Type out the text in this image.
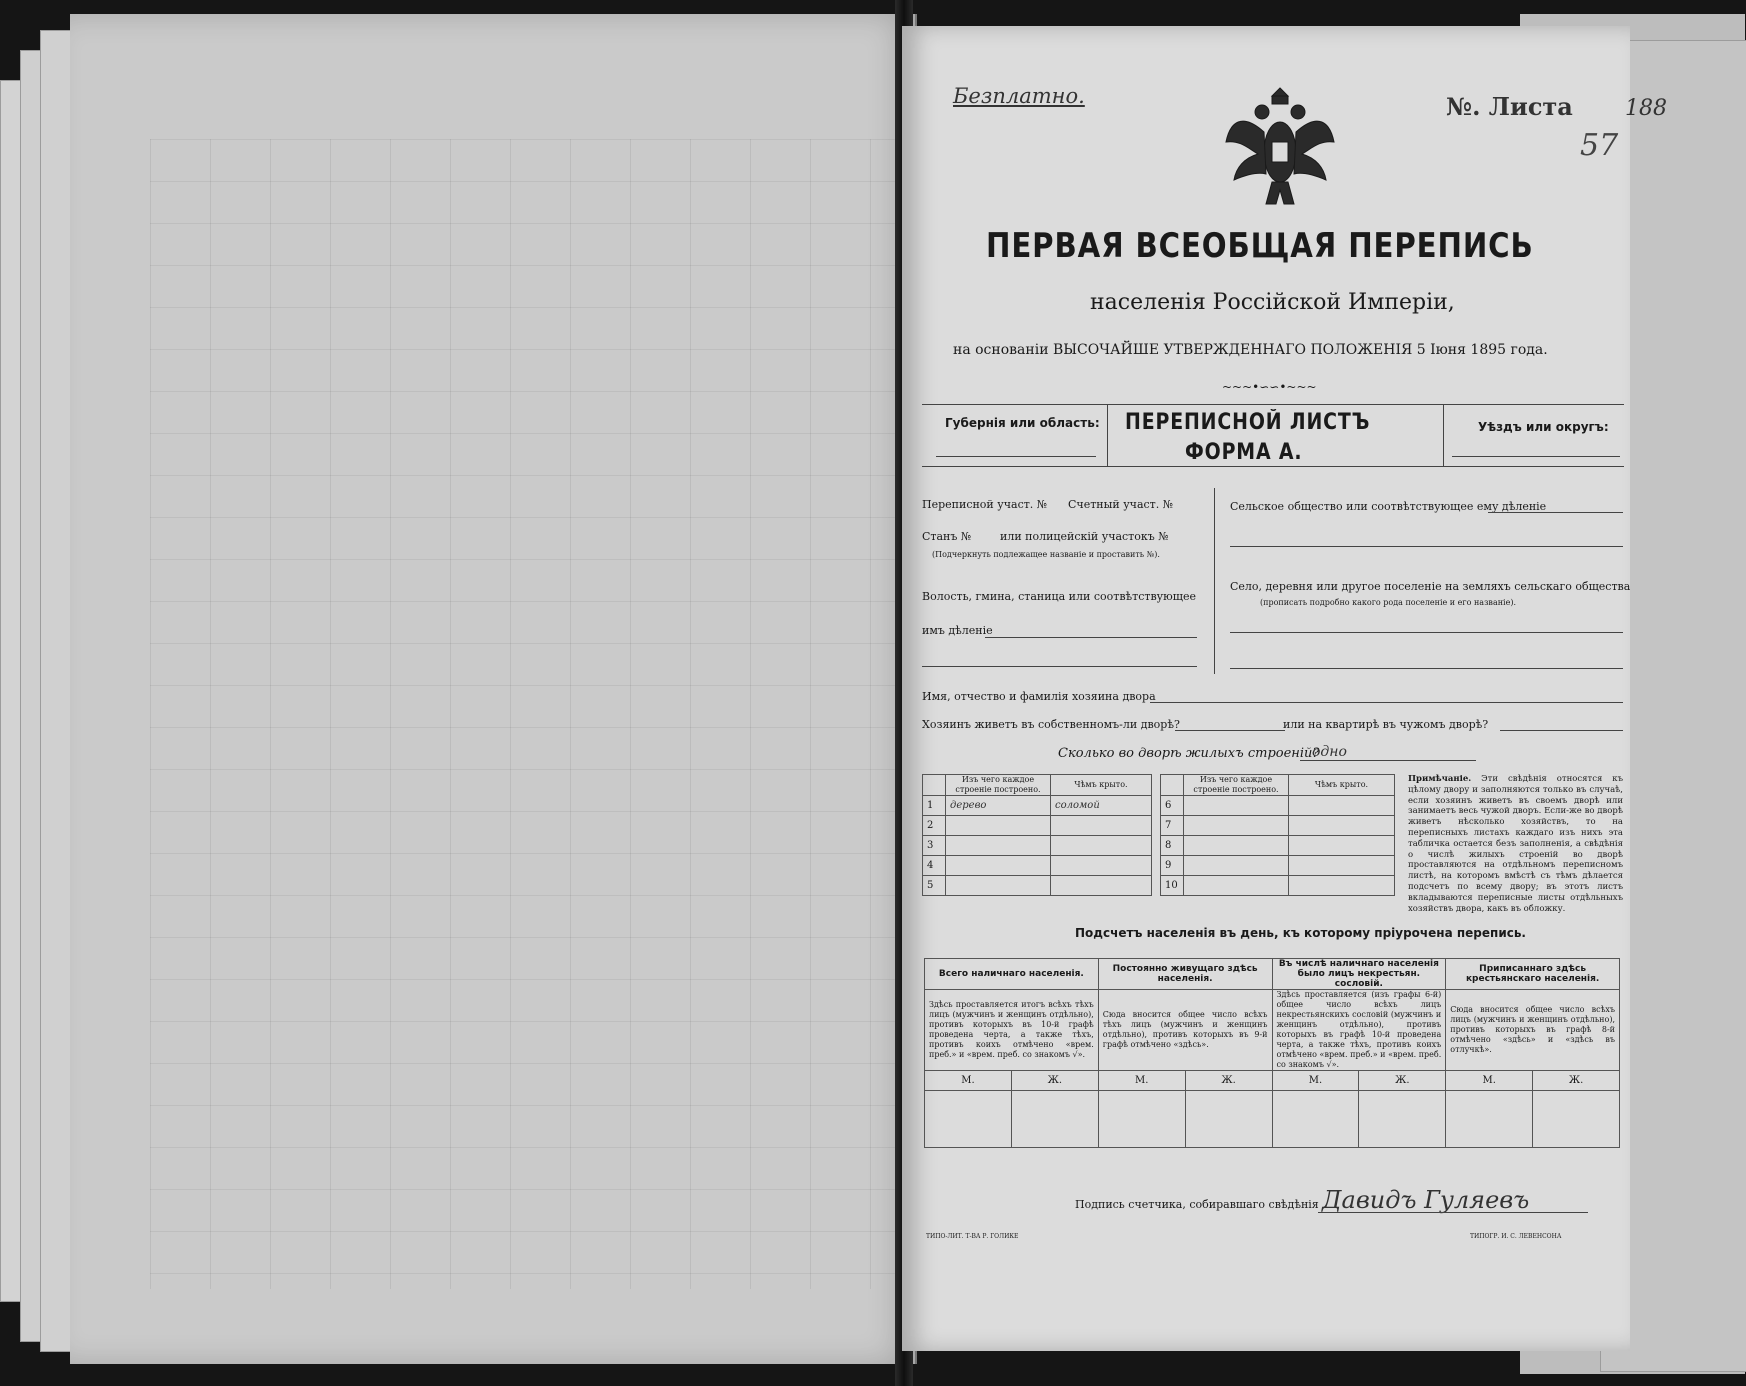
Безплатно.	№. Листа 188
57
ПЕРВАЯ ВСЕОБЩАЯ ПЕРЕПИСЬ
населенія Россійской Имперіи,
на основаніи ВЫСОЧАЙШЕ УТВЕРЖДЕННАГО ПОЛОЖЕНІЯ 5 Іюня 1895 года.
~~~•∽∽•~~~
Губернія или область: ПЕРЕПИСНОЙ ЛИСТЪ
ФОРМА А.
Уѣздъ или округъ:
Переписной участ. № Счетный участ. №
Станъ №	или полицейскій участокъ №
(Подчеркнуть подлежащее названіе и проставить №).
Волость, гмина, станица или соотвѣтствующее
имъ дѣленіе
Сельское общество или соотвѣтствующее ему дѣленіе
Село, деревня или другое поселеніе на земляхъ сельскаго общества
(прописать подробно какого рода поселеніе и его названіе).
Имя, отчество и фамилія хозяина двора
Хозяинъ живетъ въ собственномъ-ли дворѣ?	или на квартирѣ въ чужомъ дворѣ?
Сколько во дворѣ жилыхъ строеній?
одно
	Изъ чего каждое строеніе построено.	Чѣмъ крыто.
1	дерево	соломой
2		
3		
4		
5		
	Изъ чего каждое строеніе построено.	Чѣмъ крыто.
6		
7		
8		
9		
10		
Примѣчаніе. Эти свѣдѣнія относятся къ цѣлому двору и заполняются только въ случаѣ, если хозяинъ живетъ въ своемъ дворѣ или занимаетъ весь чужой дворъ. Если-же во дворѣ живетъ нѣсколько хозяйствъ, то на переписныхъ листахъ каждаго изъ нихъ эта табличка остается безъ заполненія, а свѣдѣнія о числѣ жилыхъ строеній во дворѣ проставляются на отдѣльномъ переписномъ листѣ, на которомъ вмѣстѣ съ тѣмъ дѣлается подсчетъ по всему двору; въ этотъ листъ вкладываются переписные листы отдѣльныхъ хозяйствъ двора, какъ въ обложку.
Подсчетъ населенія въ день, къ которому пріурочена перепись.
Всего наличнаго населенія.		Постоянно живущаго здѣсь населенія.		Въ числѣ наличнаго населенія было лицъ некрестьян. сословій.		Приписаннаго здѣсь крестьянскаго населенія.	
Здѣсь проставляется итогъ всѣхъ тѣхъ лицъ (мужчинъ и женщинъ отдѣльно), противъ которыхъ въ 10-й графѣ проведена черта, а также тѣхъ, противъ коихъ отмѣчено «врем. преб.» и «врем. преб. со знакомъ √».		Сюда вносится общее число всѣхъ тѣхъ лицъ (мужчинъ и женщинъ отдѣльно), противъ которыхъ въ 9-й графѣ отмѣчено «здѣсь».		Здѣсь проставляется (изъ графы 6-й) общее число всѣхъ лицъ некрестьянскихъ сословій (мужчинъ и женщинъ отдѣльно), противъ которыхъ въ графѣ 10-й проведена черта, а также тѣхъ, противъ коихъ отмѣчено «врем. преб.» и «врем. преб. со знакомъ √».		Сюда вносится общее число всѣхъ лицъ (мужчинъ и женщинъ отдѣльно), противъ которыхъ въ графѣ 8-й отмѣчено «здѣсь» и «здѣсь въ отлучкѣ».	
М.	Ж.	М.	Ж.	М.	Ж.	М.	Ж.

Подпись счетчика, собиравшаго свѣдѣнія Давидъ Гуляевъ
ТИПО-ЛИТ. Т-ВА Р. ГОЛИКЕ	ТИПОГР. И. С. ЛЕВЕНСОНА
